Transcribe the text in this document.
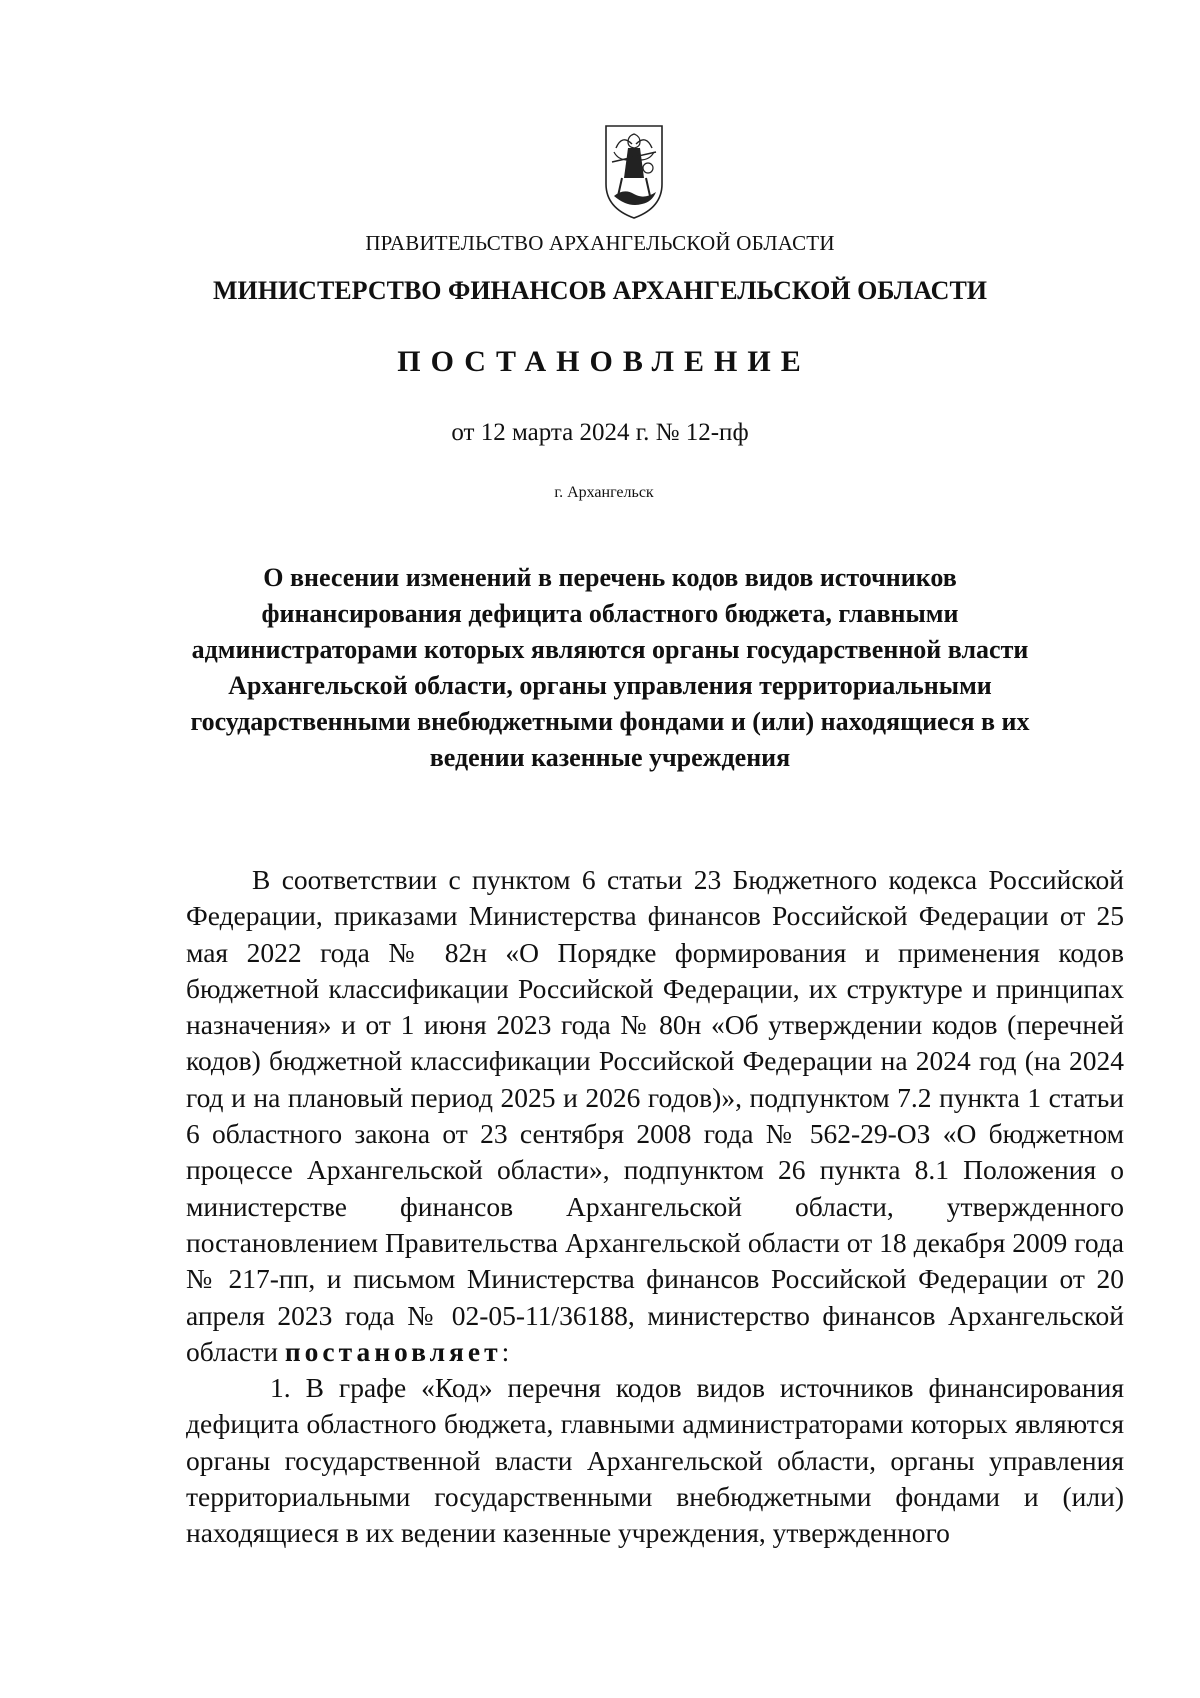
ПРАВИТЕЛЬСТВО АРХАНГЕЛЬСКОЙ ОБЛАСТИ
МИНИСТЕРСТВО ФИНАНСОВ АРХАНГЕЛЬСКОЙ ОБЛАСТИ
ПОСТАНОВЛЕНИЕ
от 12 марта 2024 г. № 12-пф
г. Архангельск
О внесении изменений в перечень кодов видов источников финансирования дефицита областного бюджета, главными администраторами которых являются органы государственной власти Архангельской области, органы управления территориальными государственными внебюджетными фондами и (или) находящиеся в их ведении казенные учреждения

В соответствии с пунктом 6 статьи 23 Бюджетного кодекса Российской Федерации, приказами Министерства финансов Российской Федерации от 25 мая 2022 года № 82н «О Порядке формирования и применения кодов бюджетной классификации Российской Федерации, их структуре и принципах назначения» и от 1 июня 2023 года № 80н «Об утверждении кодов (перечней кодов) бюджетной классификации Российской Федерации на 2024 год (на 2024 год и на плановый период 2025 и 2026 годов)», подпунктом 7.2 пункта 1 статьи 6 областного закона от 23 сентября 2008 года № 562-29-ОЗ «О бюджетном процессе Архангельской области», подпунктом 26 пункта 8.1 Положения о министерстве финансов Архангельской области, утвержденного постановлением Правительства Архангельской области от 18 декабря 2009 года № 217-пп, и письмом Министерства финансов Российской Федерации от 20 апреля 2023 года № 02-05-11/36188, министерство финансов Архангельской области постановляет:

1. В графе «Код» перечня кодов видов источников финансирования дефицита областного бюджета, главными администраторами которых являются органы государственной власти Архангельской области, органы управления территориальными государственными внебюджетными фондами и (или) находящиеся в их ведении казенные учреждения, утвержденного
